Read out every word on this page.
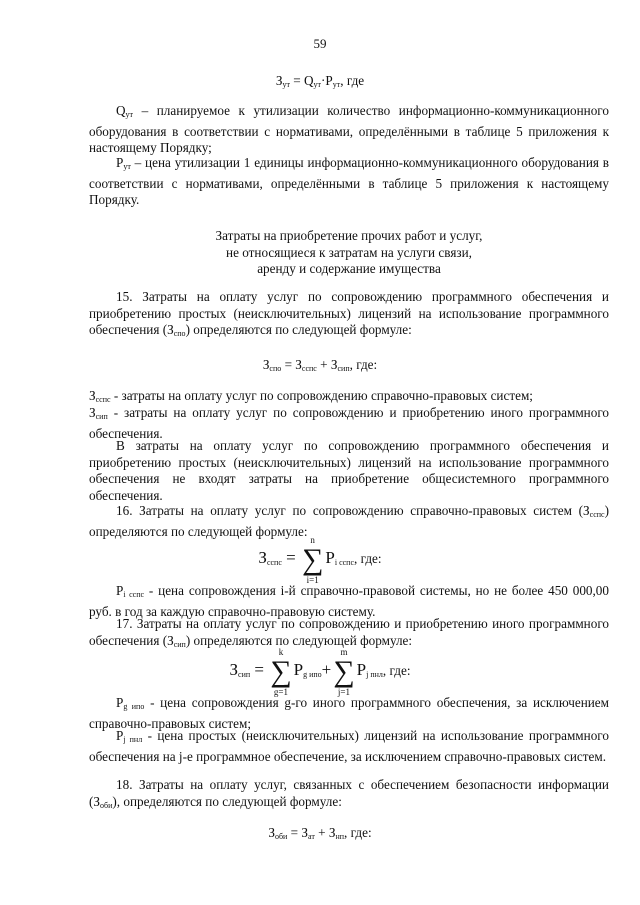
59
$З_{ут} = Q_{ут}\cdot P_{ут}$, где
$Q_{ут}$ – планируемое к утилизации количество информационно-коммуникационного оборудования в соответствии с нормативами, определёнными в таблице 5 приложения к настоящему Порядку;
$P_{ут}$ – цена утилизации 1 единицы информационно-коммуникационного оборудования в соответствии с нормативами, определёнными в таблице 5 приложения к настоящему Порядку.
Затраты на приобретение прочих работ и услуг,
не относящиеся к затратам на услуги связи,
аренду и содержание имущества
15. Затраты на оплату услуг по сопровождению программного обеспечения и приобретению простых (неисключительных) лицензий на использование программного обеспечения $(З_{спо})$ определяются по следующей формуле:
$З_{спо} = З_{сспс} + З_{сип}$, где:
$З_{сспс}$ - затраты на оплату услуг по сопровождению справочно-правовых систем;
$З_{сип}$ - затраты на оплату услуг по сопровождению и приобретению иного программного обеспечения.
В затраты на оплату услуг по сопровождению программного обеспечения и приобретению простых (неисключительных) лицензий на использование программного обеспечения не входят затраты на приобретение общесистемного программного обеспечения.
16. Затраты на оплату услуг по сопровождению справочно-правовых систем $(З_{сспс})$ определяются по следующей формуле:
$З_{сспс}$ =
n
∑
i=1
$P_{i сспс}$, где:
$P_{i сспс}$ - цена сопровождения i-й справочно-правовой системы, но не более 450 000,00 руб. в год за каждую справочно-правовую систему.
17. Затраты на оплату услуг по сопровождению и приобретению иного программного обеспечения $(З_{сип})$ определяются по следующей формуле:
$З_{сип}$ =
k
∑
g=1
$P_{g ипо}+$
m
∑
j=1
$P_{j пнл}$, где:
$P_{g ипо}$ - цена сопровождения g-го иного программного обеспечения, за исключением справочно-правовых систем;
$P_{j пнл}$ - цена простых (неисключительных) лицензий на использование программного обеспечения на j-е программное обеспечение, за исключением справочно-правовых систем.
18. Затраты на оплату услуг, связанных с обеспечением безопасности информации $(З_{оби})$, определяются по следующей формуле:
$З_{оби} = З_{ат} + З_{нп}$, где:
